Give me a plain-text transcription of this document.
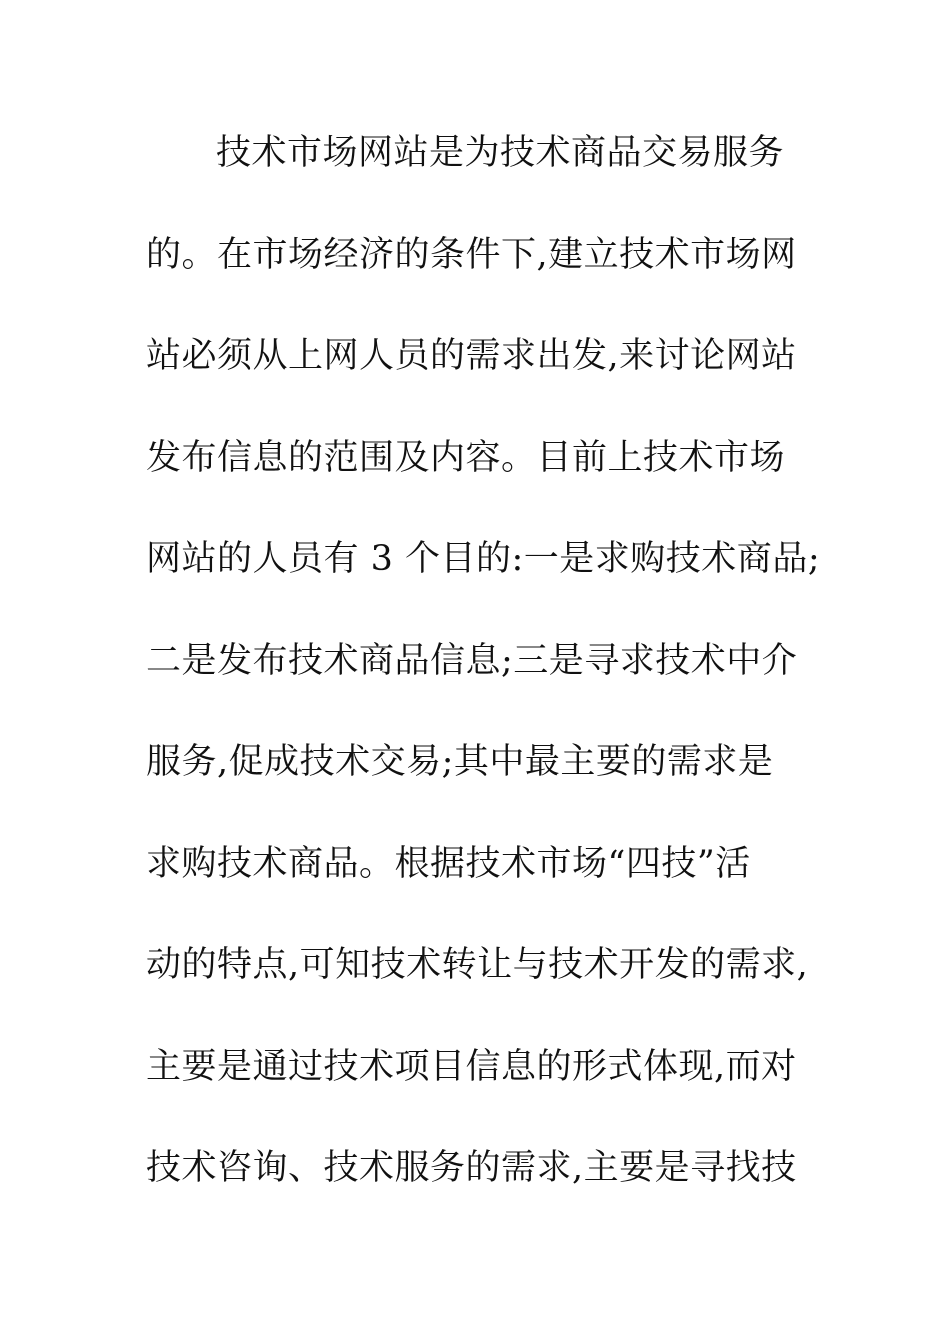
技术市场网站是为技术商品交易服务
的。在市场经济的条件下,建立技术市场网
站必须从上网人员的需求出发,来讨论网站
发布信息的范围及内容。目前上技术市场
网站的人员有 3 个目的:一是求购技术商品;
二是发布技术商品信息;三是寻求技术中介
服务,促成技术交易;其中最主要的需求是
求购技术商品。根据技术市场“四技”活
动的特点,可知技术转让与技术开发的需求,
主要是通过技术项目信息的形式体现,而对
技术咨询、技术服务的需求,主要是寻找技
